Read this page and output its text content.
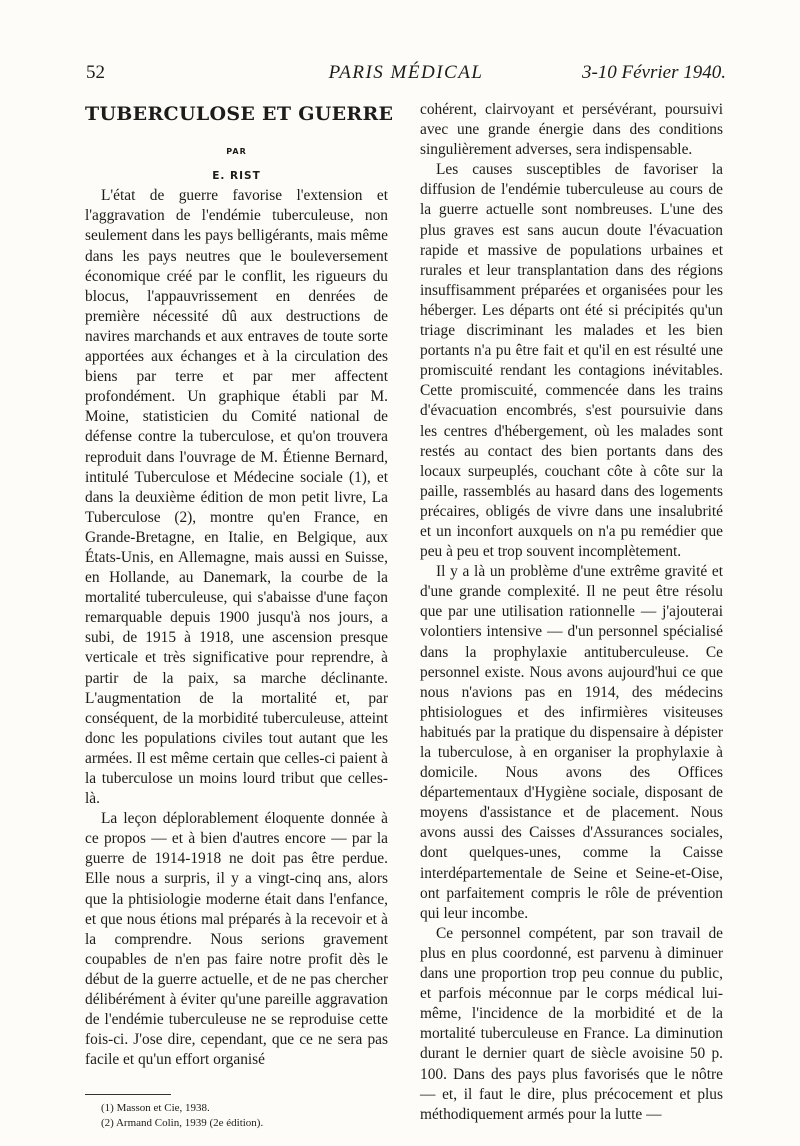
52	PARIS MÉDICAL	3-10 Février 1940.
TUBERCULOSE ET GUERRE
PAR
E. RIST

L'état de guerre favorise l'extension et l'aggravation de l'endémie tuberculeuse, non seulement dans les pays belligérants, mais même dans les pays neutres que le bouleversement économique créé par le conflit, les rigueurs du blocus, l'appauvrissement en denrées de première nécessité dû aux destructions de navires marchands et aux entraves de toute sorte apportées aux échanges et à la circulation des biens par terre et par mer affectent profondément. Un graphique établi par M. Moine, statisticien du Comité national de défense contre la tuberculose, et qu'on trouvera reproduit dans l'ouvrage de M. Étienne Bernard, intitulé Tuberculose et Médecine sociale (1), et dans la deuxième édition de mon petit livre, La Tuberculose (2), montre qu'en France, en Grande-Bretagne, en Italie, en Belgique, aux États-Unis, en Allemagne, mais aussi en Suisse, en Hollande, au Danemark, la courbe de la mortalité tuberculeuse, qui s'abaisse d'une façon remarquable depuis 1900 jusqu'à nos jours, a subi, de 1915 à 1918, une ascension presque verticale et très significative pour reprendre, à partir de la paix, sa marche déclinante. L'augmentation de la mortalité et, par conséquent, de la morbidité tuberculeuse, atteint donc les populations civiles tout autant que les armées. Il est même certain que celles-ci paient à la tuberculose un moins lourd tribut que celles-là.

La leçon déplorablement éloquente donnée à ce propos — et à bien d'autres encore — par la guerre de 1914-1918 ne doit pas être perdue. Elle nous a surpris, il y a vingt-cinq ans, alors que la phtisiologie moderne était dans l'enfance, et que nous étions mal préparés à la recevoir et à la comprendre. Nous serions gravement coupables de n'en pas faire notre profit dès le début de la guerre actuelle, et de ne pas chercher délibérément à éviter qu'une pareille aggravation de l'endémie tuberculeuse ne se reproduise cette fois-ci. J'ose dire, cependant, que ce ne sera pas facile et qu'un effort organisé

(1) Masson et Cie, 1938.

(2) Armand Colin, 1939 (2e édition).

cohérent, clairvoyant et persévérant, poursuivi avec une grande énergie dans des conditions singulièrement adverses, sera indispensable.

Les causes susceptibles de favoriser la diffusion de l'endémie tuberculeuse au cours de la guerre actuelle sont nombreuses. L'une des plus graves est sans aucun doute l'évacuation rapide et massive de populations urbaines et rurales et leur transplantation dans des régions insuffisamment préparées et organisées pour les héberger. Les départs ont été si précipités qu'un triage discriminant les malades et les bien portants n'a pu être fait et qu'il en est résulté une promiscuité rendant les contagions inévitables. Cette promiscuité, commencée dans les trains d'évacuation encombrés, s'est poursuivie dans les centres d'hébergement, où les malades sont restés au contact des bien portants dans des locaux surpeuplés, couchant côte à côte sur la paille, rassemblés au hasard dans des logements précaires, obligés de vivre dans une insalubrité et un inconfort auxquels on n'a pu remédier que peu à peu et trop souvent incomplètement.

Il y a là un problème d'une extrême gravité et d'une grande complexité. Il ne peut être résolu que par une utilisation rationnelle — j'ajouterai volontiers intensive — d'un personnel spécialisé dans la prophylaxie antituberculeuse. Ce personnel existe. Nous avons aujourd'hui ce que nous n'avions pas en 1914, des médecins phtisiologues et des infirmières visiteuses habitués par la pratique du dispensaire à dépister la tuberculose, à en organiser la prophylaxie à domicile. Nous avons des Offices départementaux d'Hygiène sociale, disposant de moyens d'assistance et de placement. Nous avons aussi des Caisses d'Assurances sociales, dont quelques-unes, comme la Caisse interdépartementale de Seine et Seine-et-Oise, ont parfaitement compris le rôle de prévention qui leur incombe.

Ce personnel compétent, par son travail de plus en plus coordonné, est parvenu à diminuer dans une proportion trop peu connue du public, et parfois méconnue par le corps médical lui-même, l'incidence de la morbidité et de la mortalité tuberculeuse en France. La diminution durant le dernier quart de siècle avoisine 50 p. 100. Dans des pays plus favorisés que le nôtre — et, il faut le dire, plus précocement et plus méthodiquement armés pour la lutte —
